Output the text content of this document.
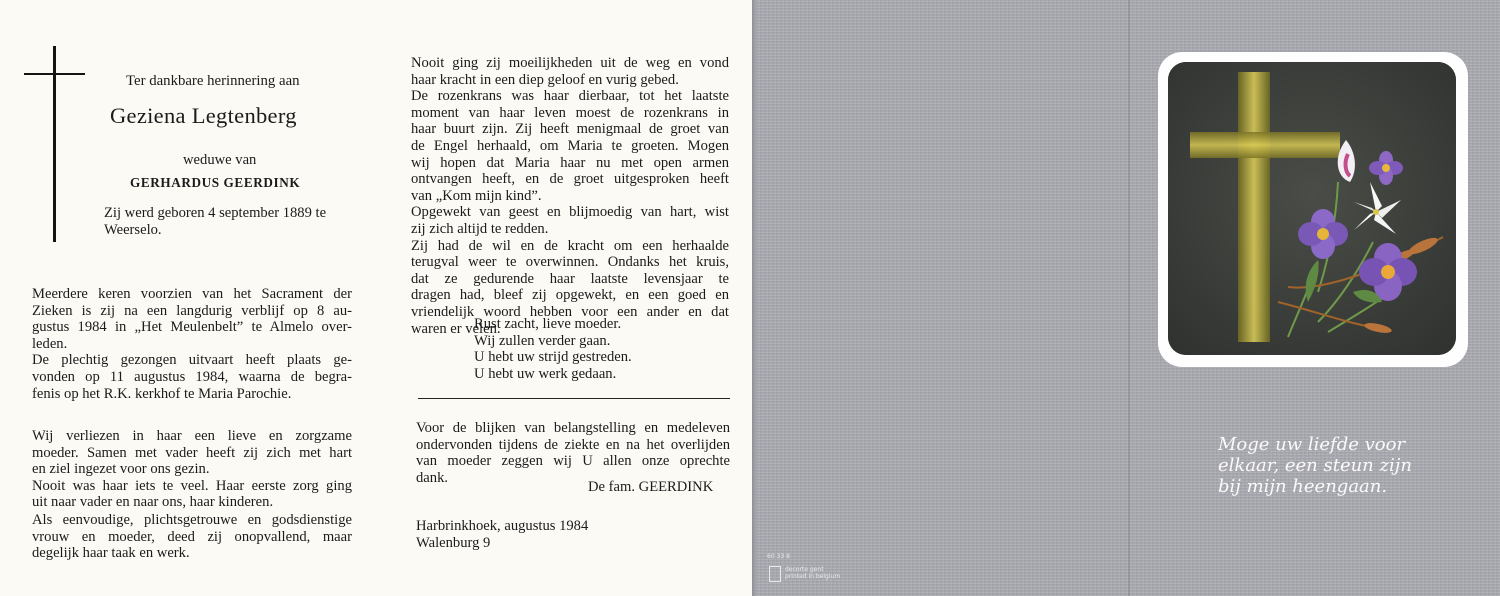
Ter dankbare herinnering aan
Geziena Legtenberg
weduwe van
GERHARDUS GEERDINK
Zij werd geboren 4 september 1889 te
Weerselo.
Meerdere keren voorzien van het Sacrament der
Zieken is zij na een langdurig verblijf op 8 au-
gustus 1984 in „Het Meulenbelt” te Almelo over-
leden.
De plechtig gezongen uitvaart heeft plaats ge-
vonden op 11 augustus 1984, waarna de begra-
fenis op het R.K. kerkhof te Maria Parochie.
Wij verliezen in haar een lieve en zorgzame
moeder. Samen met vader heeft zij zich met hart
en ziel ingezet voor ons gezin.
Nooit was haar iets te veel. Haar eerste zorg ging
uit naar vader en naar ons, haar kinderen.
Als eenvoudige, plichtsgetrouwe en godsdienstige
vrouw en moeder, deed zij onopvallend, maar
degelijk haar taak en werk.
Nooit ging zij moeilijkheden uit de weg en vond
haar kracht in een diep geloof en vurig gebed.
De rozenkrans was haar dierbaar, tot het laatste
moment van haar leven moest de rozenkrans in
haar buurt zijn. Zij heeft menigmaal de groet van
de Engel herhaald, om Maria te groeten. Mogen
wij hopen dat Maria haar nu met open armen
ontvangen heeft, en de groet uitgesproken heeft
van „Kom mijn kind”.
Opgewekt van geest en blijmoedig van hart, wist
zij zich altijd te redden.
Zij had de wil en de kracht om een herhaalde
terugval weer te overwinnen. Ondanks het kruis,
dat ze gedurende haar laatste levensjaar te
dragen had, bleef zij opgewekt, en een goed en
vriendelijk woord hebben voor een ander en dat
waren er velen.
Rust zacht, lieve moeder.
Wij zullen verder gaan.
U hebt uw strijd gestreden.
U hebt uw werk gedaan.
Voor de blijken van belangstelling en medeleven
ondervonden tijdens de ziekte en na het overlijden
van moeder zeggen wij U allen onze oprechte
dank.
De fam. GEERDINK
Harbrinkhoek, augustus 1984
Walenburg 9
Moge uw liefde voor
elkaar, een steun zijn
bij mijn heengaan.
60 33 8
decorte gent
printed in belgium
